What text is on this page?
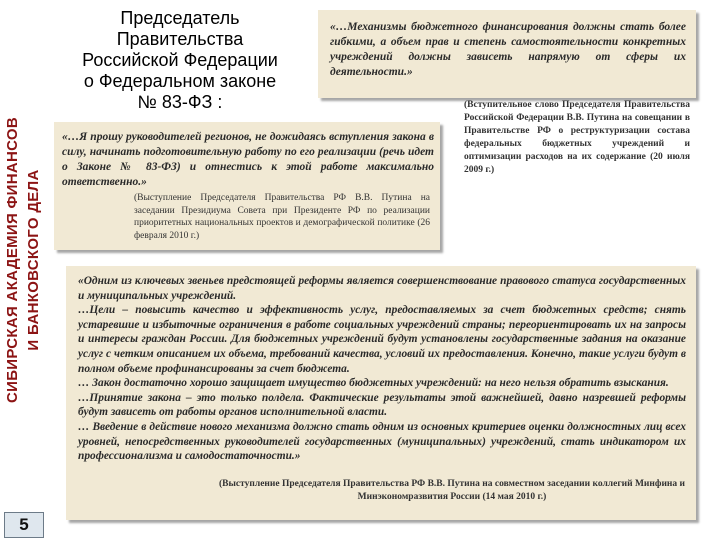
СИБИРСКАЯ АКАДЕМИЯ ФИНАНСОВ И БАНКОВСКОГО ДЕЛА
5
Председатель
Правительства
Российской Федерации
о Федеральном законе
№ 83-ФЗ :
«…Механизмы бюджетного финансирования должны стать более гибкими, а объем прав и степень самостоятельности конкретных учреждений должны зависеть напрямую от сферы их деятельности.»
(Вступительное слово Председателя Правительства Российской Федерации В.В. Путина на совещании в Правительстве РФ о реструктуризации состава федеральных бюджетных учреждений и оптимизации расходов на их содержание (20 июля 2009 г.)
«…Я прошу руководителей регионов, не дожидаясь вступления закона в силу, начинать подготовительную работу по его реализации (речь идет о Законе № 83-ФЗ) и отнестись к этой работе максимально ответственно.»
(Выступление Председателя Правительства РФ В.В. Путина на заседании Президиума Совета при Президенте РФ по реализации приоритетных национальных проектов и демографической политике (26 февраля 2010 г.)

«Одним из ключевых звеньев предстоящей реформы является совершенствование правового статуса государственных и муниципальных учреждений.

…Цели – повысить качество и эффективность услуг, предоставляемых за счет бюджетных средств; снять устаревшие и избыточные ограничения в работе социальных учреждений страны; переориентировать их на запросы и интересы граждан России. Для бюджетных учреждений будут установлены государственные задания на оказание услуг с четким описанием их объема, требований качества, условий их предоставления. Конечно, такие услуги будут в полном объеме профинансированы за счет бюджета.

… Закон достаточно хорошо защищает имущество бюджетных учреждений: на него нельзя обратить взыскания.

…Принятие закона – это только полдела. Фактические результаты этой важнейшей, давно назревшей реформы будут зависеть от работы органов исполнительной власти.

… Введение в действие нового механизма должно стать одним из основных критериев оценки должностных лиц всех уровней, непосредственных руководителей государственных (муниципальных) учреждений, стать индикатором их профессионализма и самодостаточности.»

(Выступление Председателя Правительства РФ В.В. Путина на совместном заседании коллегий Минфина и Минэкономразвития России (14 мая 2010 г.)
